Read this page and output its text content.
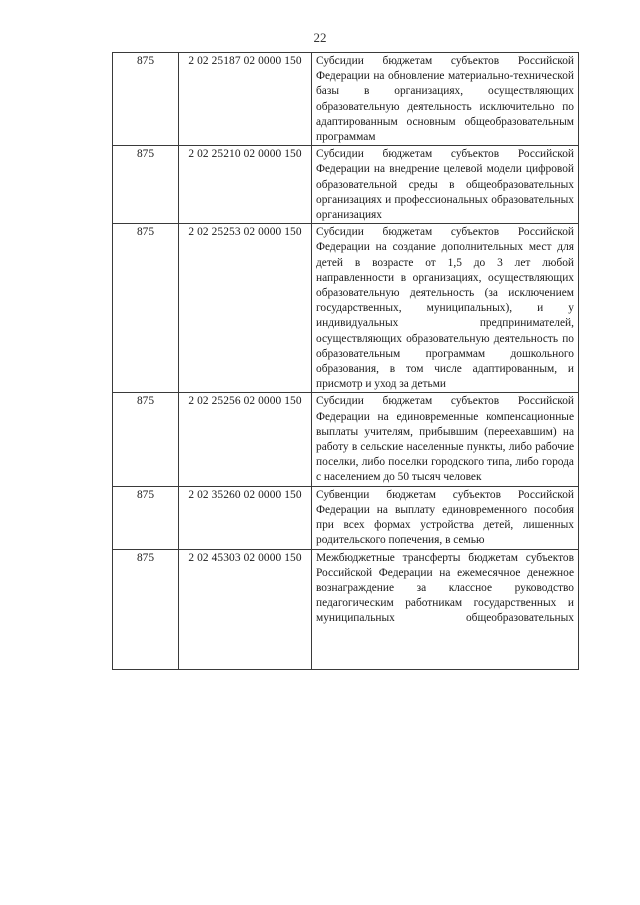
22
875	2 02 25187 02 0000 150	Субсидии бюджетам субъектов Российской Федерации на обновление материально-технической базы в организациях, осуществляющих образовательную деятельность исключительно по адаптированным основным общеобразовательным программам
875	2 02 25210 02 0000 150	Субсидии бюджетам субъектов Российской Федерации на внедрение целевой модели цифровой образовательной среды в общеобразовательных организациях и профессиональных образовательных организациях
875	2 02 25253 02 0000 150	Субсидии бюджетам субъектов Российской Федерации на создание дополнительных мест для детей в возрасте от 1,5 до 3 лет любой направленности в организациях, осуществляющих образовательную деятельность (за исключением государственных, муниципальных), и у индивидуальных предпринимателей, осуществляющих образовательную деятельность по образовательным программам дошкольного образования, в том числе адаптированным, и присмотр и уход за детьми
875	2 02 25256 02 0000 150	Субсидии бюджетам субъектов Российской Федерации на единовременные компенсационные выплаты учителям, прибывшим (переехавшим) на работу в сельские населенные пункты, либо рабочие поселки, либо поселки городского типа, либо города с населением до 50 тысяч человек
875	2 02 35260 02 0000 150	Субвенции бюджетам субъектов Российской Федерации на выплату единовременного пособия при всех формах устройства детей, лишенных родительского попечения, в семью
875	2 02 45303 02 0000 150	Межбюджетные трансферты бюджетам субъектов Российской Федерации на ежемесячное денежное вознаграждение за классное руководство педагогическим работникам государственных и муниципальных общеобразовательных
